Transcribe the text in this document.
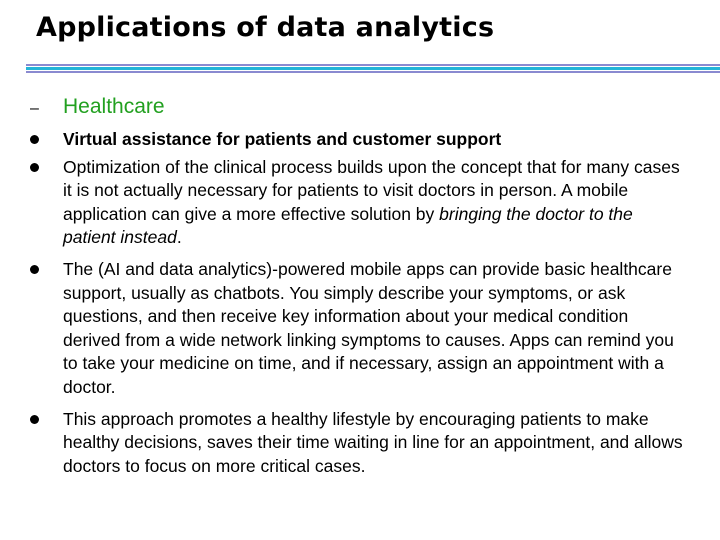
Applications of data analytics
–	Healthcare
Virtual assistance for patients and customer support
Optimization of the clinical process builds upon the concept that for many cases it is not actually necessary for patients to visit doctors in person. A mobile application can give a more effective solution by bringing the doctor to the patient instead.
The (AI and data analytics)-powered mobile apps can provide basic healthcare support, usually as chatbots. You simply describe your symptoms, or ask questions, and then receive key information about your medical condition derived from a wide network linking symptoms to causes. Apps can remind you to take your medicine on time, and if necessary, assign an appointment with a doctor.
This approach promotes a healthy lifestyle by encouraging patients to make healthy decisions, saves their time waiting in line for an appointment, and allows doctors to focus on more critical cases.
